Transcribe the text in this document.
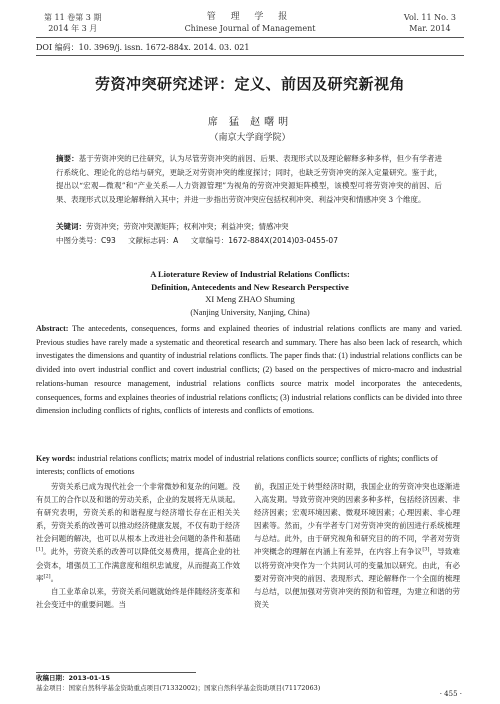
第 11 卷第 3 期
2014 年 3 月
管 理 学 报
Chinese Journal of Management
Vol. 11 No. 3
Mar. 2014
DOI 编码：10. 3969/j. issn. 1672-884x. 2014. 03. 021
劳资冲突研究述评：定义、前因及研究新视角
席 猛 赵曙明
（南京大学商学院）
摘要：基于劳资冲突的已往研究，认为尽管劳资冲突的前因、后果、表现形式以及理论解释多种多样，但少有学者进行系统化、理论化的总结与研究，更缺乏对劳资冲突的维度探讨；同时，也缺乏劳资冲突的深入定量研究。鉴于此，提出以“宏观—微观”和“产业关系—人力资源管理”为视角的劳资冲突源矩阵模型，该模型可将劳资冲突的前因、后果、表现形式以及理论解释纳入其中；并进一步指出劳资冲突应包括权利冲突、利益冲突和情感冲突 3 个维度。
关键词：劳资冲突；劳资冲突源矩阵；权利冲突；利益冲突；情感冲突
中图分类号：C93 文献标志码：A 文章编号：1672-884X(2014)03-0455-07
A Lioterature Review of Industrial Relations Conflicts:
Definition, Antecedents and New Research Perspective
XI Meng ZHAO Shuming
(Nanjing University, Nanjing, China)
Abstract: The antecedents, consequences, forms and explained theories of industrial relations conflicts are many and varied. Previous studies have rarely made a systematic and theoretical research and summary. There has also been lack of research, which investigates the dimensions and quantity of industrial relations conflicts. The paper finds that: (1) industrial relations conflicts can be divided into overt industrial conflict and covert industrial conflicts; (2) based on the perspectives of micro-macro and industrial relations-human resource management, industrial relations conflicts source matrix model incorporates the antecedents, consequences, forms and explaines theories of industrial relations conflicts; (3) industrial relations conflicts can be divided into three dimension including conflicts of rights, conflicts of interests and conflicts of emotions.
Key words: industrial relations conflicts; matrix model of industrial relations conflicts source; conflicts of rights; conflicts of interests; conflicts of emotions

劳资关系已成为现代社会一个非常微妙和复杂的问题。没有员工的合作以及和谐的劳动关系，企业的发展将无从谈起。有研究表明，劳资关系的和谐程度与经济增长存在正相关关系，劳资关系的改善可以推动经济健康发展，不仅有助于经济社会问题的解决，也可以从根本上改进社会问题的条件和基础[1]。此外，劳资关系的改善可以降低交易费用，提高企业的社会资本，增强员工工作满意度和组织忠诚度，从而提高工作效率[2]。

自工业革命以来，劳资关系问题就始终是伴随经济变革和社会变迁中的重要问题。当

前，我国正处于转型经济时期，我国企业的劳资冲突也逐渐进入高发期。导致劳资冲突的因素多种多样，包括经济因素、非经济因素；宏观环境因素、微观环境因素；心理因素、非心理因素等。然而，少有学者专门对劳资冲突的前因进行系统梳理与总结。此外，由于研究视角和研究目的的不同，学者对劳资冲突概念的理解在内涵上有差异，在内容上有争议[3]，导致难以将劳资冲突作为一个共同认可的变量加以研究。由此，有必要对劳资冲突的前因、表现形式、理论解释作一个全面的梳理与总结，以便加强对劳资冲突的预防和管理，为建立和谐的劳资关

收稿日期：2013-01-15
基金项目：国家自然科学基金资助重点项目(71332002)；国家自然科学基金资助项目(71172063)
· 455 ·
